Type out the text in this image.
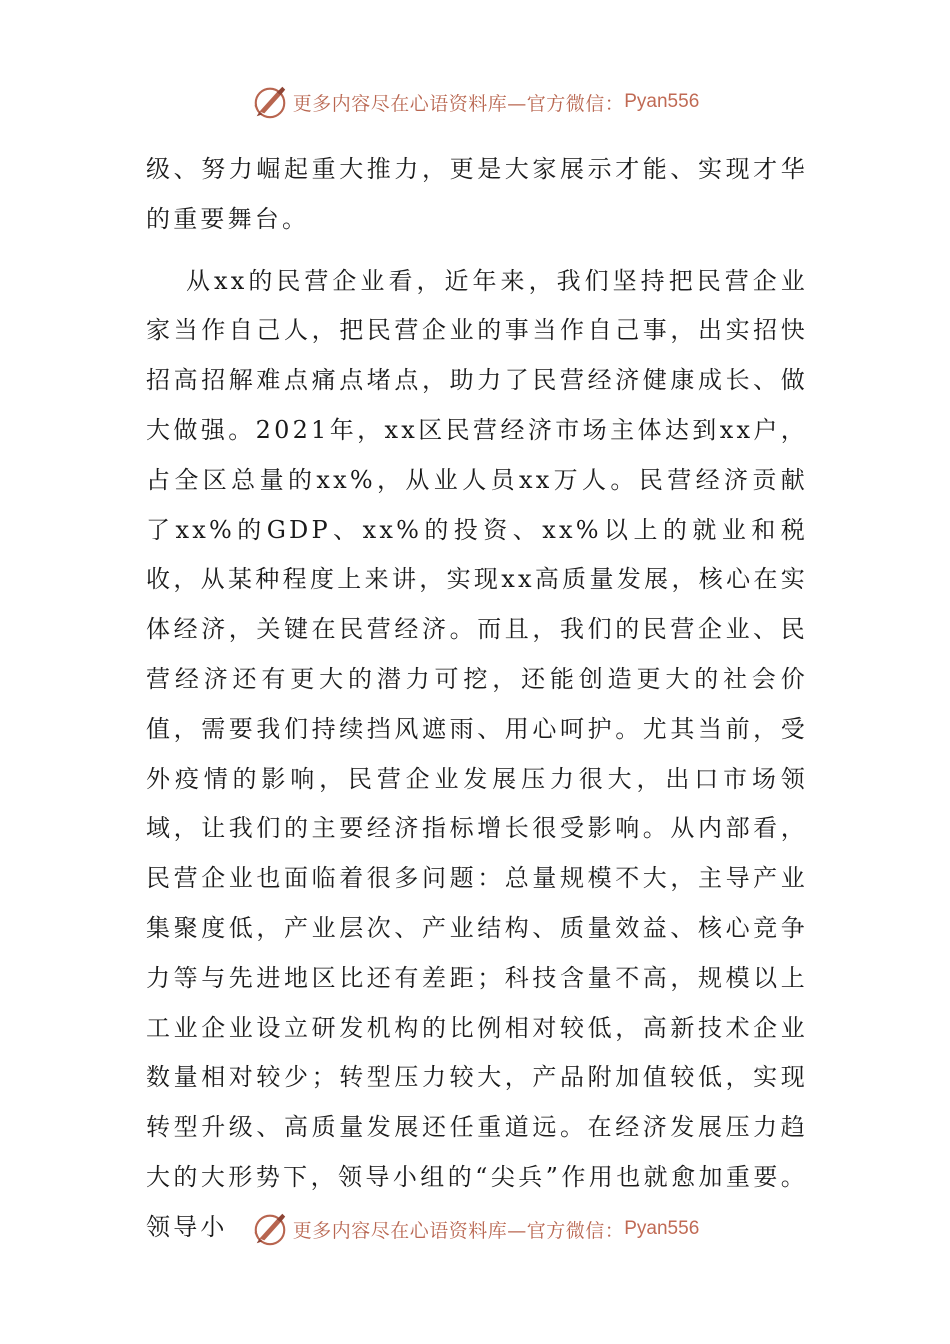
更多内容尽在心语资料库—官方微信： Pyan556

级、努力崛起重大推力，更是大家展示才能、实现才华的重要舞台。

从xx的民营企业看，近年来，我们坚持把民营企业家当作自己人，把民营企业的事当作自己事，出实招快招高招解难点痛点堵点，助力了民营经济健康成长、做大做强。2021年，xx区民营经济市场主体达到xx户，占全区总量的xx%，从业人员xx万人。民营经济贡献了xx%的GDP、xx%的投资、xx%以上的就业和税收，从某种程度上来讲，实现xx高质量发展，核心在实体经济，关键在民营经济。而且，我们的民营企业、民营经济还有更大的潜力可挖，还能创造更大的社会价值，需要我们持续挡风遮雨、用心呵护。尤其当前，受外疫情的影响，民营企业发展压力很大，出口市场领域，让我们的主要经济指标增长很受影响。从内部看，民营企业也面临着很多问题：总量规模不大，主导产业集聚度低，产业层次、产业结构、质量效益、核心竞争力等与先进地区比还有差距；科技含量不高，规模以上工业企业设立研发机构的比例相对较低，高新技术企业数量相对较少；转型压力较大，产品附加值较低，实现转型升级、高质量发展还任重道远。在经济发展压力趋大的大形势下，领导小组的“尖兵”作用也就愈加重要。领导小	更多内容尽在心语资料库—官方微信： Pyan556
